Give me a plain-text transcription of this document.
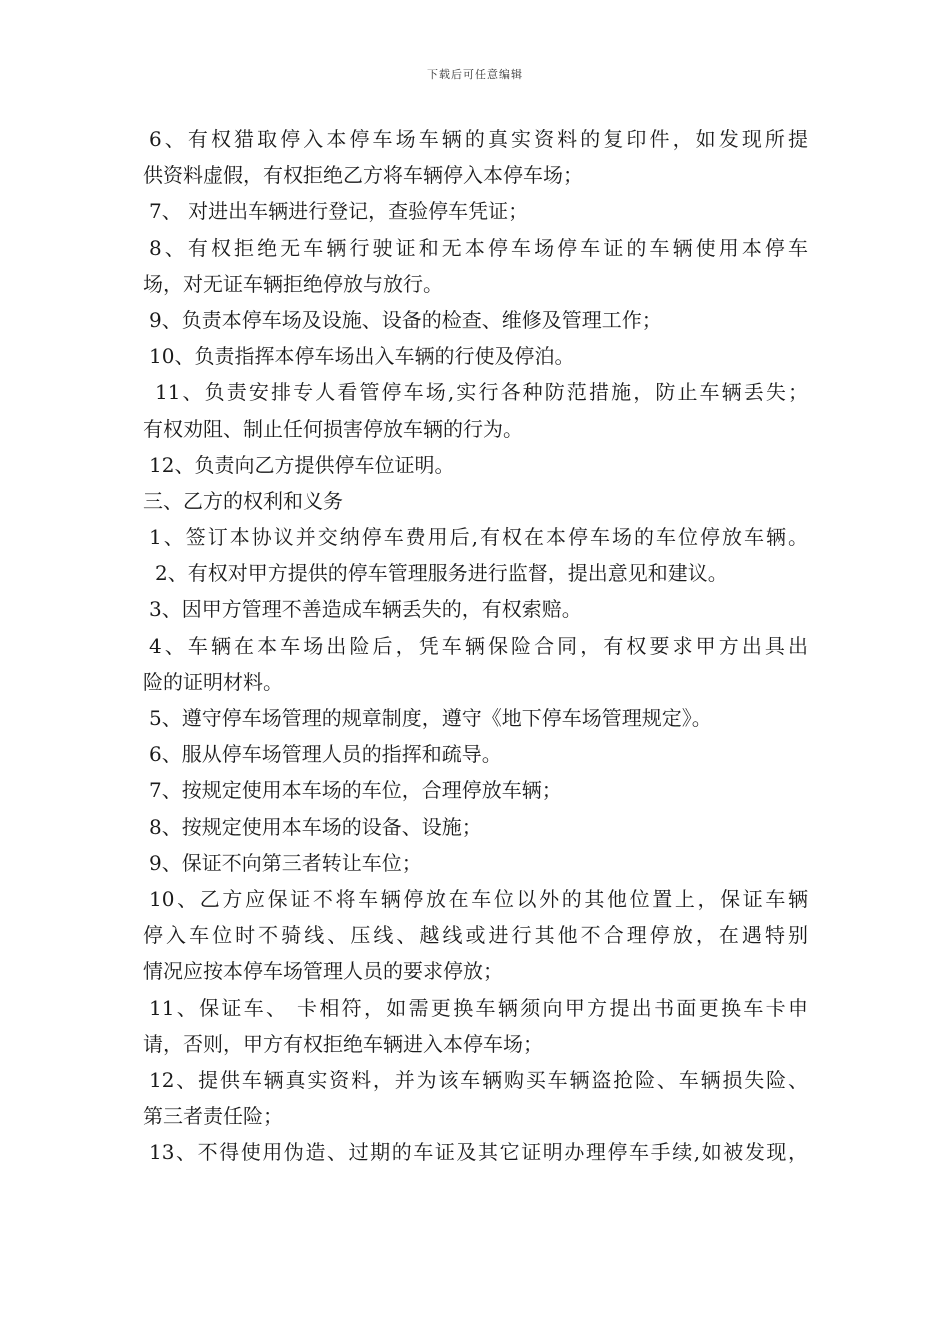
下载后可任意编辑
6、有权猎取停入本停车场车辆的真实资料的复印件，如发现所提
供资料虚假，有权拒绝乙方将车辆停入本停车场；
7、 对进出车辆进行登记，查验停车凭证；
8、有权拒绝无车辆行驶证和无本停车场停车证的车辆使用本停车
场，对无证车辆拒绝停放与放行。
9、负责本停车场及设施、设备的检查、维修及管理工作；
10、负责指挥本停车场出入车辆的行使及停泊。
11、负责安排专人看管停车场,实行各种防范措施，防止车辆丢失；
有权劝阻、制止任何损害停放车辆的行为。
12、负责向乙方提供停车位证明。
三、乙方的权利和义务
1、签订本协议并交纳停车费用后,有权在本停车场的车位停放车辆。
2、有权对甲方提供的停车管理服务进行监督，提出意见和建议。
3、因甲方管理不善造成车辆丢失的，有权索赔。
4、车辆在本车场出险后，凭车辆保险合同，有权要求甲方出具出
险的证明材料。
5、遵守停车场管理的规章制度，遵守《地下停车场管理规定》。
6、服从停车场管理人员的指挥和疏导。
7、按规定使用本车场的车位，合理停放车辆；
8、按规定使用本车场的设备、设施；
9、保证不向第三者转让车位；
10、乙方应保证不将车辆停放在车位以外的其他位置上，保证车辆
停入车位时不骑线、压线、越线或进行其他不合理停放，在遇特别
情况应按本停车场管理人员的要求停放；
11、保证车、 卡相符，如需更换车辆须向甲方提出书面更换车卡申
请，否则，甲方有权拒绝车辆进入本停车场；
12、提供车辆真实资料，并为该车辆购买车辆盗抢险、车辆损失险、
第三者责任险；
13、不得使用伪造、过期的车证及其它证明办理停车手续,如被发现，
